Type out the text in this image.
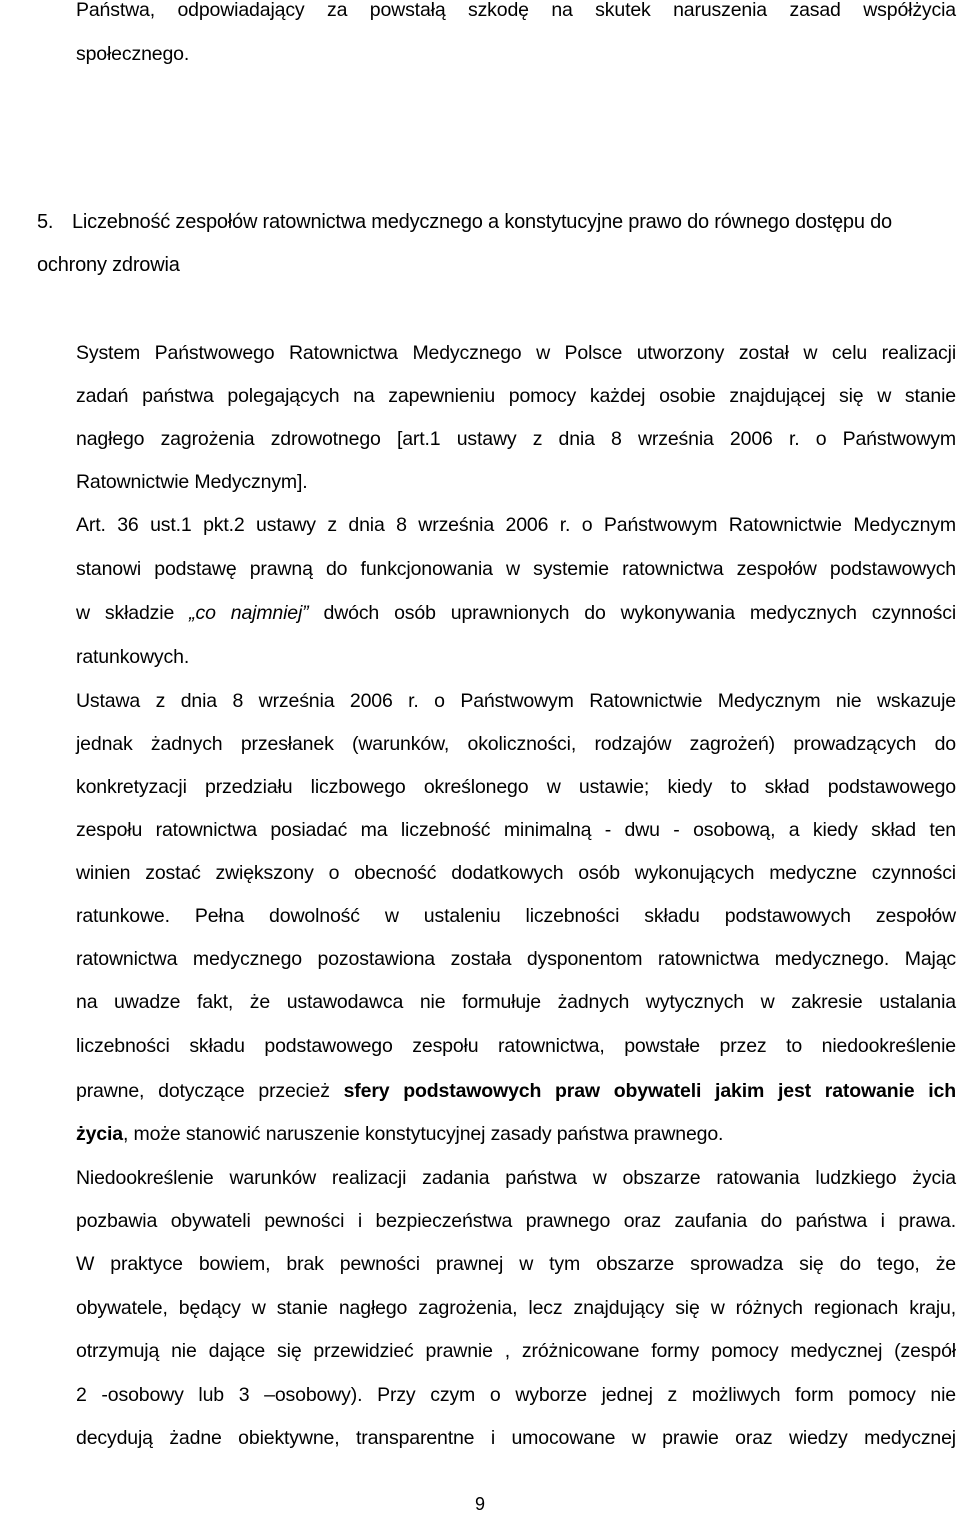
Państwa, odpowiadający za powstałą szkodę na skutek naruszenia zasad współżycia
społecznego.
5. Liczebność zespołów ratownictwa medycznego a konstytucyjne prawo do równego dostępu do
ochrony zdrowia
System Państwowego Ratownictwa Medycznego w Polsce utworzony został w celu realizacji
zadań państwa polegających na zapewnieniu pomocy każdej osobie znajdującej się w stanie
nagłego zagrożenia zdrowotnego [art.1 ustawy z dnia 8 września 2006 r. o Państwowym
Ratownictwie Medycznym].
Art. 36 ust.1 pkt.2 ustawy z dnia 8 września 2006 r. o Państwowym Ratownictwie Medycznym
stanowi podstawę prawną do funkcjonowania w systemie ratownictwa zespołów podstawowych
w składzie „co najmniej” dwóch osób uprawnionych do wykonywania medycznych czynności
ratunkowych.
Ustawa z dnia 8 września 2006 r. o Państwowym Ratownictwie Medycznym nie wskazuje
jednak żadnych przesłanek (warunków, okoliczności, rodzajów zagrożeń) prowadzących do
konkretyzacji przedziału liczbowego określonego w ustawie; kiedy to skład podstawowego
zespołu ratownictwa posiadać ma liczebność minimalną - dwu - osobową, a kiedy skład ten
winien zostać zwiększony o obecność dodatkowych osób wykonujących medyczne czynności
ratunkowe. Pełna dowolność w ustaleniu liczebności składu podstawowych zespołów
ratownictwa medycznego pozostawiona została dysponentom ratownictwa medycznego. Mając
na uwadze fakt, że ustawodawca nie formułuje żadnych wytycznych w zakresie ustalania
liczebności składu podstawowego zespołu ratownictwa, powstałe przez to niedookreślenie
prawne, dotyczące przecież sfery podstawowych praw obywateli jakim jest ratowanie ich
życia, może stanowić naruszenie konstytucyjnej zasady państwa prawnego.
Niedookreślenie warunków realizacji zadania państwa w obszarze ratowania ludzkiego życia
pozbawia obywateli pewności i bezpieczeństwa prawnego oraz zaufania do państwa i prawa.
W praktyce bowiem, brak pewności prawnej w tym obszarze sprowadza się do tego, że
obywatele, będący w stanie nagłego zagrożenia, lecz znajdujący się w różnych regionach kraju,
otrzymują nie dające się przewidzieć prawnie , zróżnicowane formy pomocy medycznej (zespół
2 -osobowy lub 3 –osobowy). Przy czym o wyborze jednej z możliwych form pomocy nie
decydują żadne obiektywne, transparentne i umocowane w prawie oraz wiedzy medycznej
9
